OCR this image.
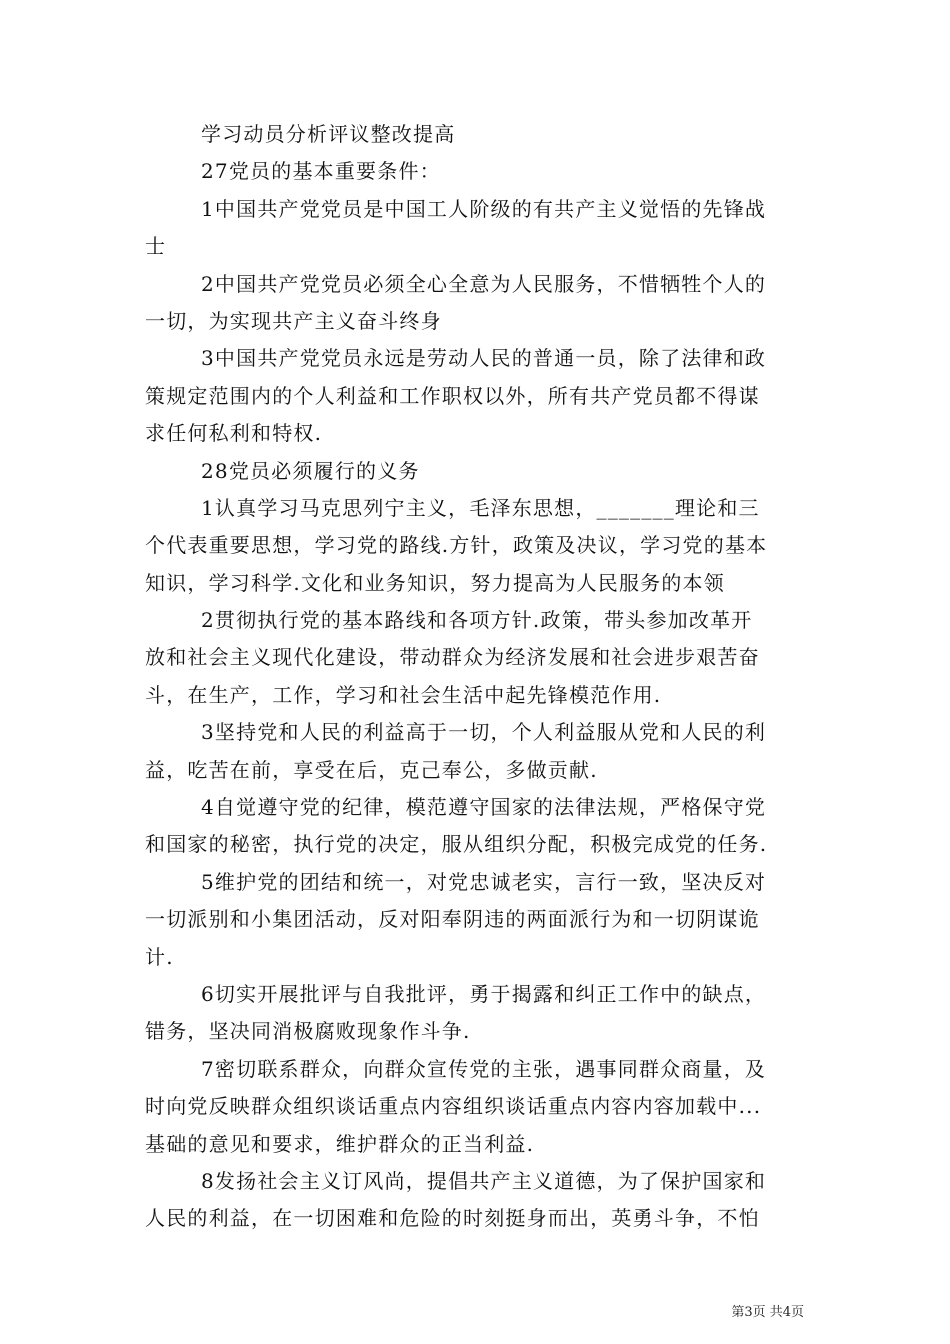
学习动员分析评议整改提高
27党员的基本重要条件：
1中国共产党党员是中国工人阶级的有共产主义觉悟的先锋战
士
2中国共产党党员必须全心全意为人民服务，不惜牺牲个人的
一切，为实现共产主义奋斗终身
3中国共产党党员永远是劳动人民的普通一员，除了法律和政
策规定范围内的个人利益和工作职权以外，所有共产党员都不得谋
求任何私利和特权.
28党员必须履行的义务
1认真学习马克思列宁主义，毛泽东思想，_______理论和三
个代表重要思想，学习党的路线.方针，政策及决议，学习党的基本
知识，学习科学.文化和业务知识，努力提高为人民服务的本领
2贯彻执行党的基本路线和各项方针.政策，带头参加改革开
放和社会主义现代化建设，带动群众为经济发展和社会进步艰苦奋
斗，在生产，工作，学习和社会生活中起先锋模范作用.
3坚持党和人民的利益高于一切，个人利益服从党和人民的利
益，吃苦在前，享受在后，克己奉公，多做贡献.
4自觉遵守党的纪律，模范遵守国家的法律法规，严格保守党
和国家的秘密，执行党的决定，服从组织分配，积极完成党的任务.
5维护党的团结和统一，对党忠诚老实，言行一致，坚决反对
一切派别和小集团活动，反对阳奉阴违的两面派行为和一切阴谋诡
计.
6切实开展批评与自我批评，勇于揭露和纠正工作中的缺点，
错务，坚决同消极腐败现象作斗争.
7密切联系群众，向群众宣传党的主张，遇事同群众商量，及
时向党反映群众组织谈话重点内容组织谈话重点内容内容加载中...
基础的意见和要求，维护群众的正当利益.
8发扬社会主义订风尚，提倡共产主义道德，为了保护国家和
人民的利益，在一切困难和危险的时刻挺身而出，英勇斗争，不怕
第3页 共4页
